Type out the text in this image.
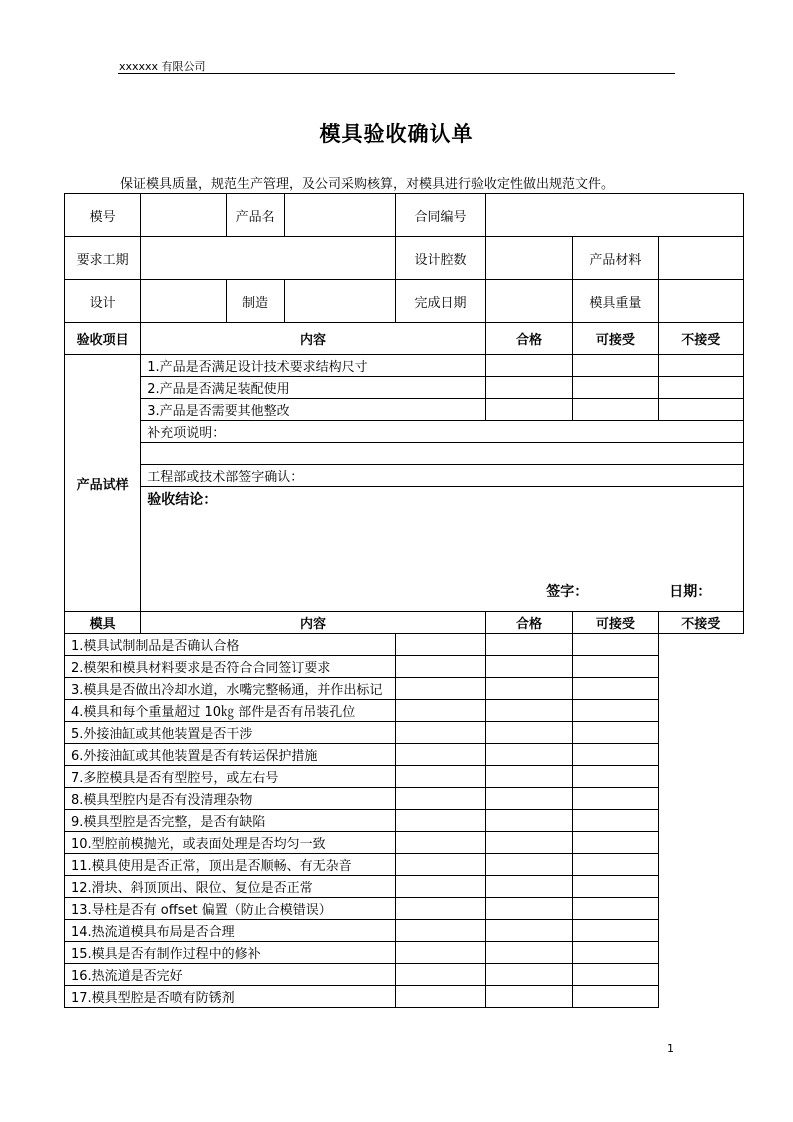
xxxxxx 有限公司
模具验收确认单
保证模具质量，规范生产管理，及公司采购核算，对模具进行验收定性做出规范文件。
模号		产品名		合同编号			
要求工期				设计腔数		产品材料	
设计		制造		完成日期		模具重量	
验收项目	内容				合格	可接受	不接受
产品试样	1.产品是否满足设计技术要求结构尺寸						
	2.产品是否满足装配使用						
	3.产品是否需要其他整改						
	补充项说明：						

	工程部或技术部签字确认：						

	验收结论：
签字： 日期：						

模具	内容				合格	可接受	不接受
1.模具试制制品是否确认合格							
2.模架和模具材料要求是否符合合同签订要求							
3.模具是否做出冷却水道，水嘴完整畅通，并作出标记							
4.模具和每个重量超过 10㎏ 部件是否有吊装孔位							
5.外接油缸或其他装置是否干涉							
6.外接油缸或其他装置是否有转运保护措施							
7.多腔模具是否有型腔号，或左右号							
8.模具型腔内是否有没清理杂物							
9.模具型腔是否完整，是否有缺陷							
10.型腔前模抛光，或表面处理是否均匀一致							
11.模具使用是否正常，顶出是否顺畅、有无杂音							
12.滑块、斜顶顶出、限位、复位是否正常							
13.导柱是否有 offset 偏置（防止合模错误）							
14.热流道模具布局是否合理							
15.模具是否有制作过程中的修补							
16.热流道是否完好							
17.模具型腔是否喷有防锈剂							
1
